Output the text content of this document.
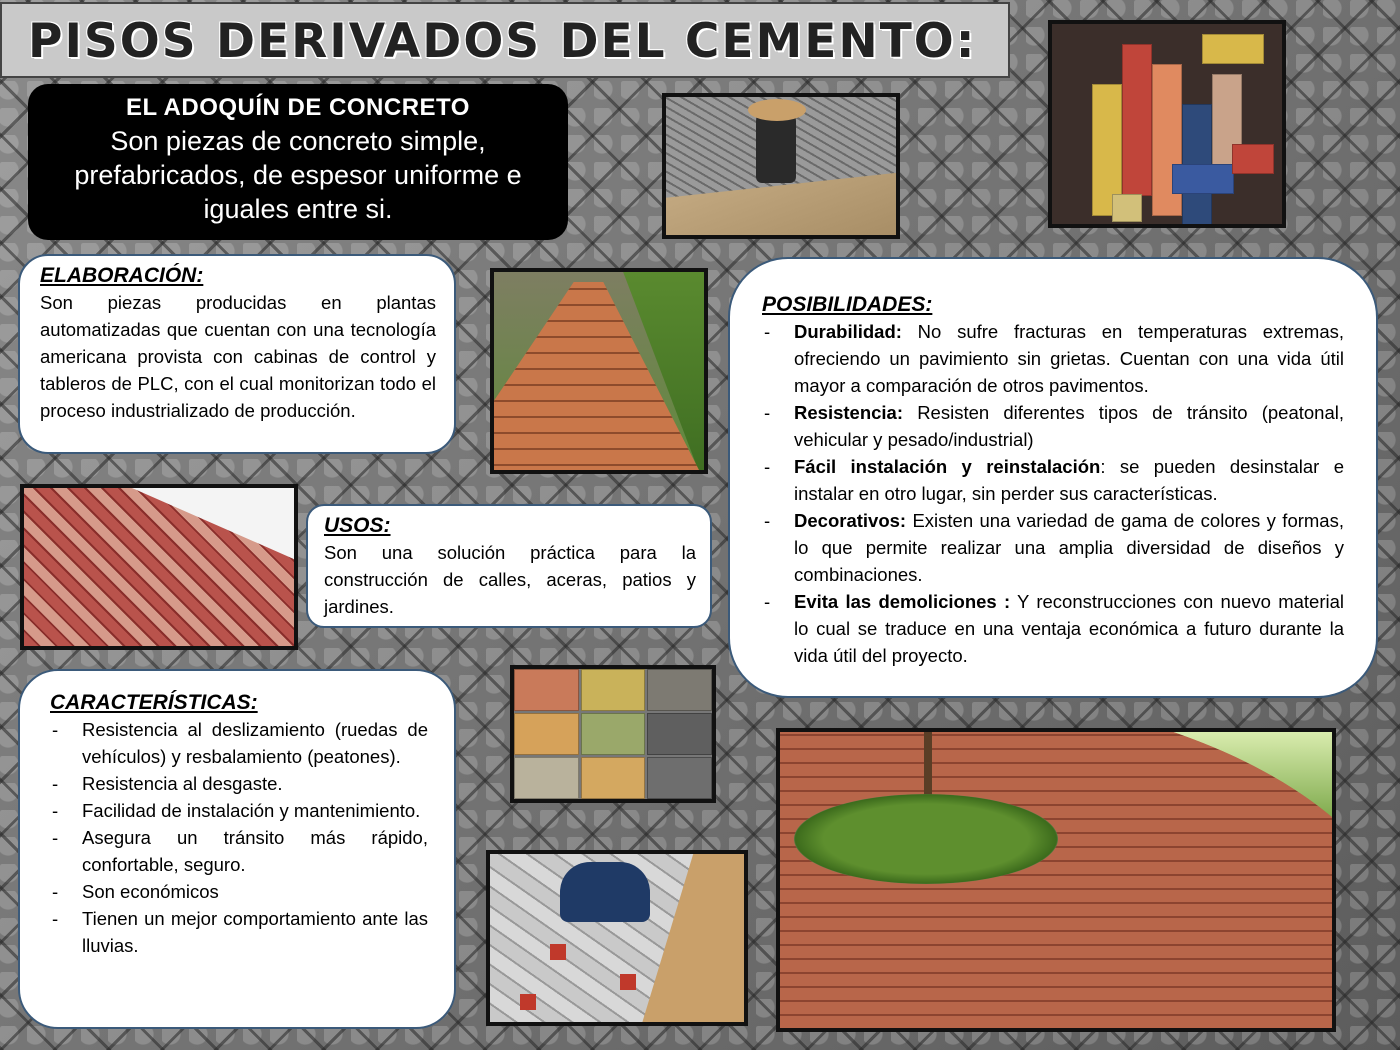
PISOS DERIVADOS DEL CEMENTO:
EL ADOQUÍN DE CONCRETO
Son piezas de concreto simple, prefabricados, de espesor uniforme e iguales entre si.
ELABORACIÓN:

Son piezas producidas en plantas automatizadas que cuentan con una tecnología americana provista con cabinas de control y tableros de PLC, con el cual monitorizan todo el proceso industrializado de producción.

USOS:

Son una solución práctica para la construcción de calles, aceras, patios y jardines.

POSIBILIDADES:
- Durabilidad: No sufre fracturas en temperaturas extremas, ofreciendo un pavimiento sin grietas. Cuentan con una vida útil mayor a comparación de otros pavimentos.
- Resistencia: Resisten diferentes tipos de tránsito (peatonal, vehicular y pesado/industrial)
- Fácil instalación y reinstalación: se pueden desinstalar e instalar en otro lugar, sin perder sus características.
- Decorativos: Existen una variedad de gama de colores y formas, lo que permite realizar una amplia diversidad de diseños y combinaciones.
- Evita las demoliciones : Y reconstrucciones con nuevo material lo cual se traduce en una ventaja económica a futuro durante la vida útil del proyecto.
CARACTERÍSTICAS:
- Resistencia al deslizamiento (ruedas de vehículos) y resbalamiento (peatones).
- Resistencia al desgaste.
- Facilidad de instalación y mantenimiento.
- Asegura un tránsito más rápido, confortable, seguro.
- Son económicos
- Tienen un mejor comportamiento ante las lluvias.
